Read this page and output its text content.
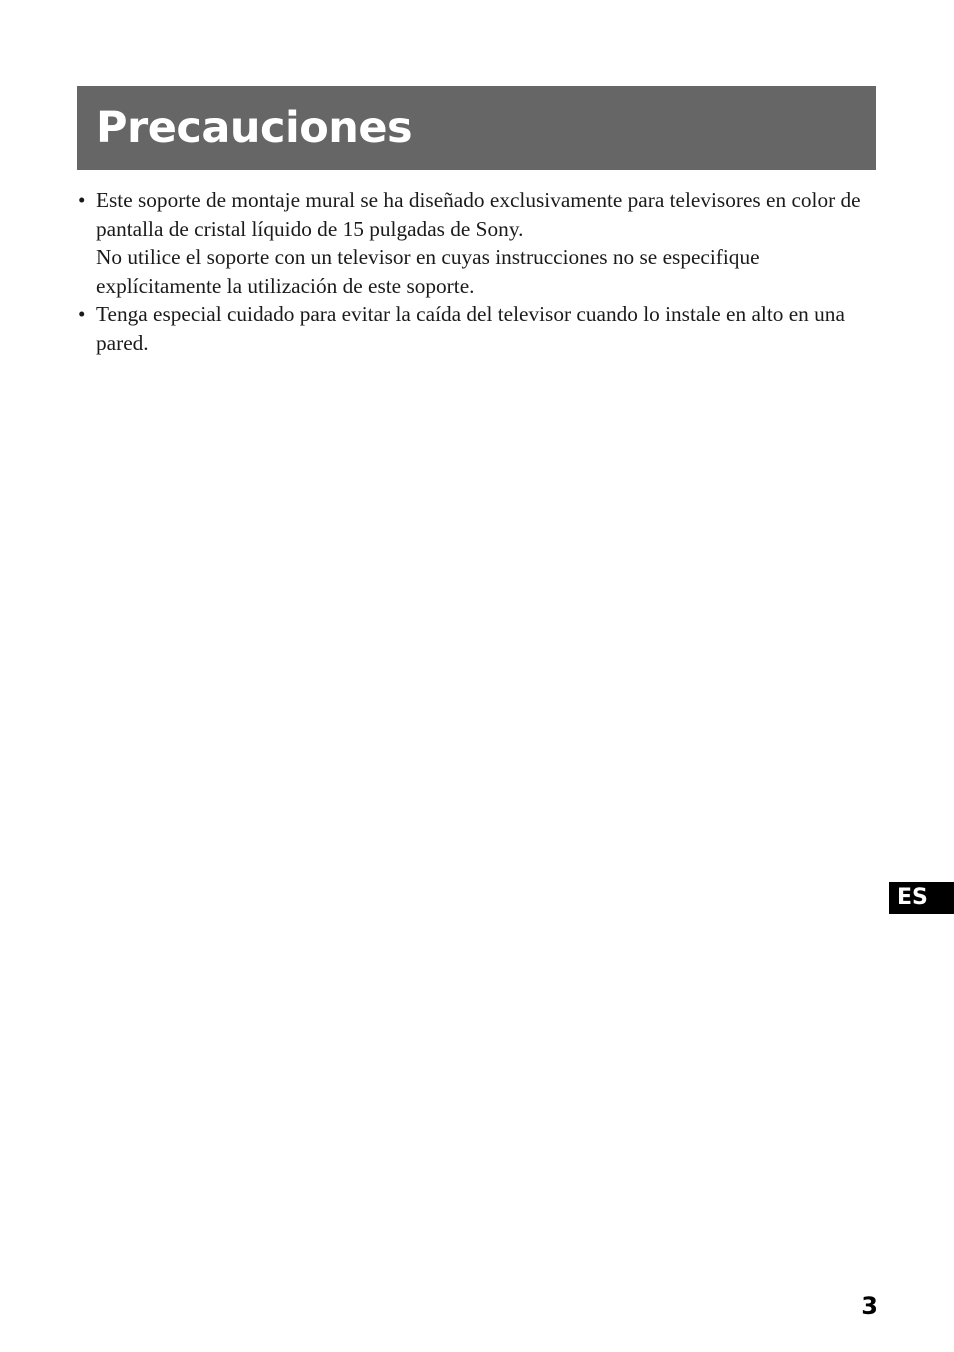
Precauciones
• Este soporte de montaje mural se ha diseñado exclusivamente para televisores en color de pantalla de cristal líquido de 15 pulgadas de Sony.
No utilice el soporte con un televisor en cuyas instrucciones no se especifique explícitamente la utilización de este soporte.
• Tenga especial cuidado para evitar la caída del televisor cuando lo instale en alto en una pared.
ES
3
